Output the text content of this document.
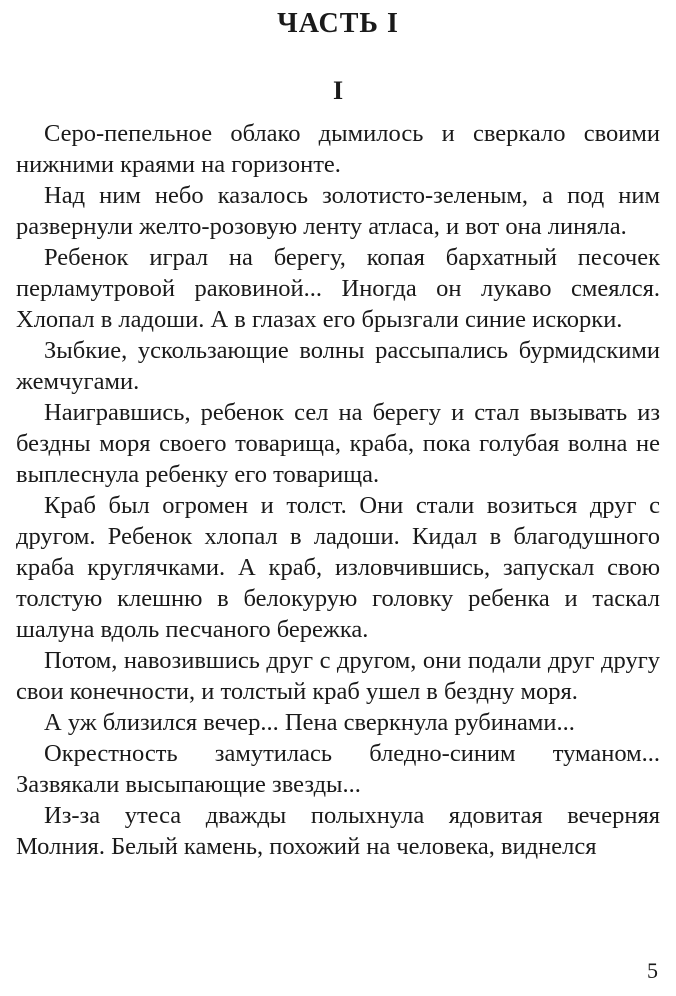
ЧАСТЬ I
I

Серо-пепельное облако дымилось и сверкало своими нижними краями на горизонте.

Над ним небо казалось золотисто-зеленым, а под ним развернули желто-розовую ленту атласа, и вот она линяла.

Ребенок играл на берегу, копая бархатный песочек перламутровой раковиной... Иногда он лукаво смеялся. Хлопал в ладоши. А в глазах его брызгали синие искорки.

Зыбкие, ускользающие волны рассыпались бурмидскими жемчугами.

Наигравшись, ребенок сел на берегу и стал вызывать из бездны моря своего товарища, краба, пока голубая волна не выплеснула ребенку его товарища.

Краб был огромен и толст. Они стали возиться друг с другом. Ребенок хлопал в ладоши. Кидал в благодушного краба круглячками. А краб, изловчившись, запускал свою толстую клешню в белокурую головку ребенка и таскал шалуна вдоль песчаного бережка.

Потом, навозившись друг с другом, они подали друг другу свои конечности, и толстый краб ушел в бездну моря.

А уж близился вечер... Пена сверкнула рубинами...

Окрестность замутилась бледно-синим туманом... Зазвякали высыпающие звезды...

Из-за утеса дважды полыхнула ядовитая вечерняя Молния. Белый камень, похожий на человека, виднелся

5
